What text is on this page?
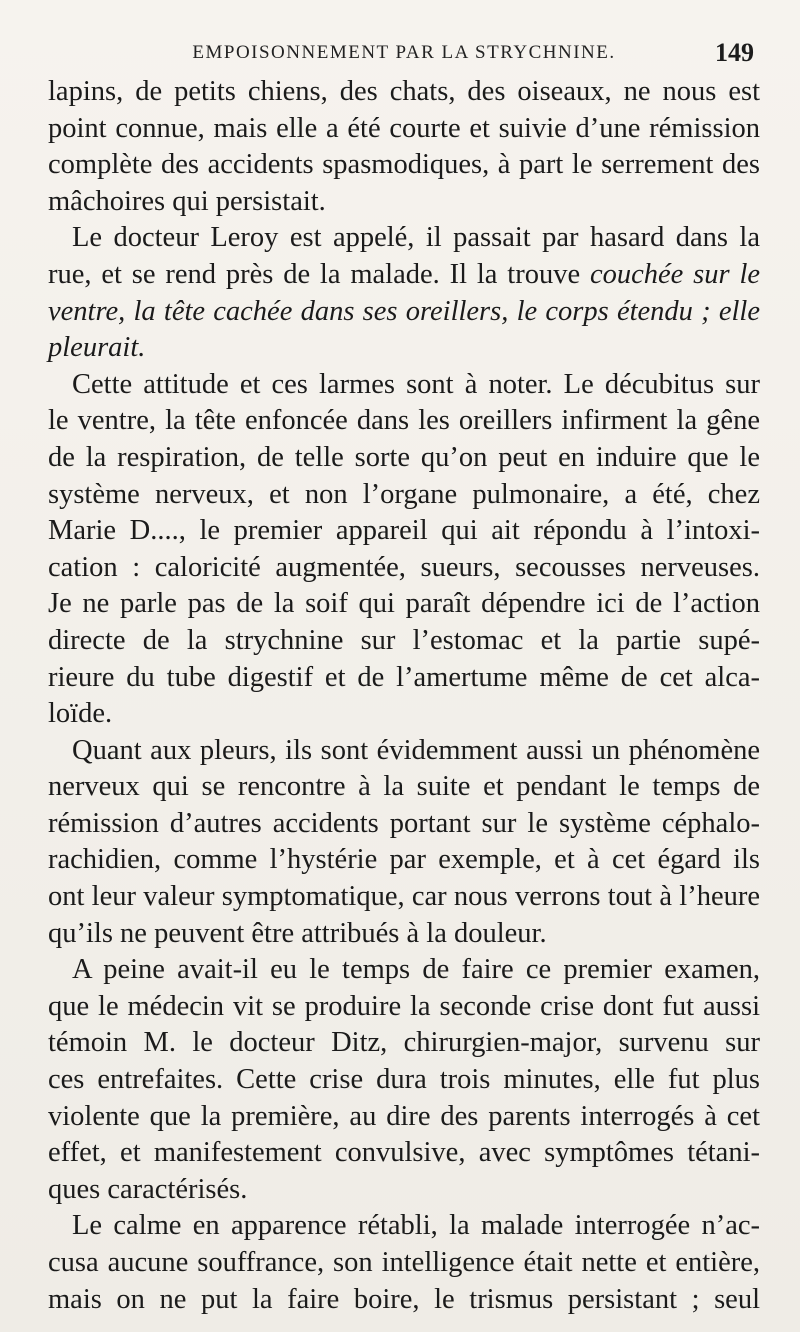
EMPOISONNEMENT PAR LA STRYCHNINE.	149
lapins, de petits chiens, des chats, des oiseaux, ne nous est
point connue, mais elle a été courte et suivie d’une rémission
complète des accidents spasmodiques, à part le serrement des
mâchoires qui persistait.
Le docteur Leroy est appelé, il passait par hasard dans la
rue, et se rend près de la malade. Il la trouve couchée sur le
ventre, la tête cachée dans ses oreillers, le corps étendu ; elle
pleurait.
Cette attitude et ces larmes sont à noter. Le décubitus sur
le ventre, la tête enfoncée dans les oreillers infirment la gêne
de la respiration, de telle sorte qu’on peut en induire que le
système nerveux, et non l’organe pulmonaire, a été, chez
Marie D...., le premier appareil qui ait répondu à l’intoxi-
cation : caloricité augmentée, sueurs, secousses nerveuses.
Je ne parle pas de la soif qui paraît dépendre ici de l’action
directe de la strychnine sur l’estomac et la partie supé-
rieure du tube digestif et de l’amertume même de cet alca-
loïde.
Quant aux pleurs, ils sont évidemment aussi un phénomène
nerveux qui se rencontre à la suite et pendant le temps de
rémission d’autres accidents portant sur le système céphalo-
rachidien, comme l’hystérie par exemple, et à cet égard ils
ont leur valeur symptomatique, car nous verrons tout à l’heure
qu’ils ne peuvent être attribués à la douleur.
A peine avait-il eu le temps de faire ce premier examen,
que le médecin vit se produire la seconde crise dont fut aussi
témoin M. le docteur Ditz, chirurgien-major, survenu sur
ces entrefaites. Cette crise dura trois minutes, elle fut plus
violente que la première, au dire des parents interrogés à cet
effet, et manifestement convulsive, avec symptômes tétani-
ques caractérisés.
Le calme en apparence rétabli, la malade interrogée n’ac-
cusa aucune souffrance, son intelligence était nette et entière,
mais on ne put la faire boire, le trismus persistant ; seul
